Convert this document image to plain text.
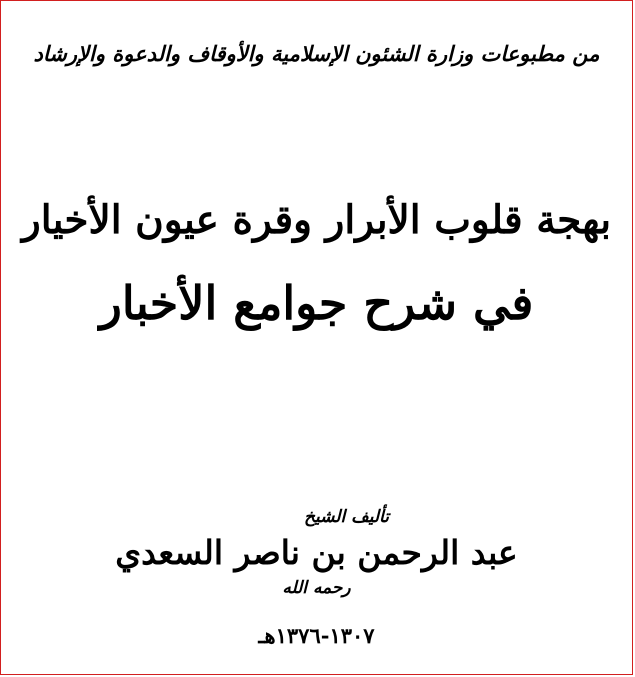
من مطبوعات وزارة الشئون الإسلامية والأوقاف والدعوة والإرشاد
بهجة قلوب الأبرار وقرة عيون الأخيار
في شرح جوامع الأخبار
تأليف الشيخ
عبد الرحمن بن ناصر السعدي
رحمه الله
١٣٠٧-١٣٧٦هـ
